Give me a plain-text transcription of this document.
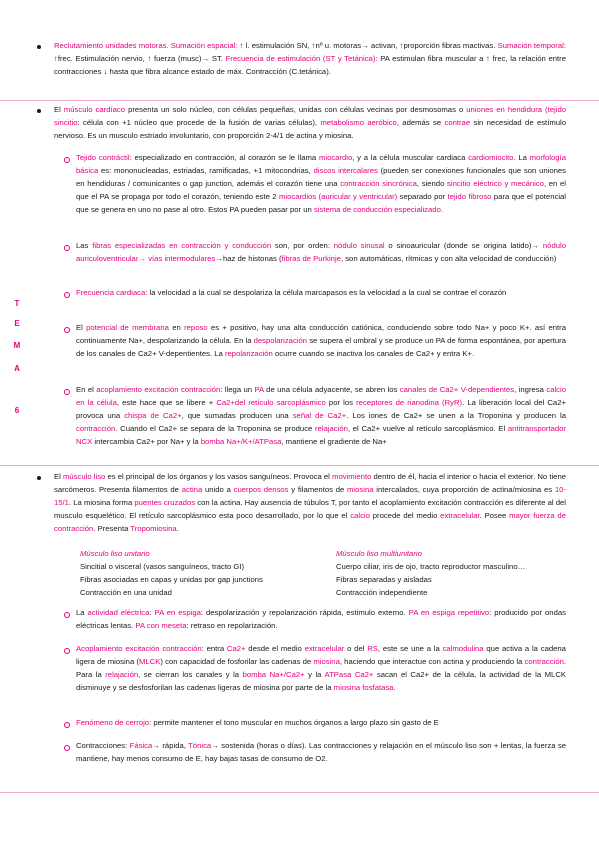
T
E
M
A
6
Reclutamiento unidades motoras. Sumación espacial: ↑ l. estimulación SN, ↑nº u. motoras→ activan, ↑proporción fibras mactivas. Sumación temporal: ↑frec. Estimulación nervio, ↑ fuerza (musc)→ ST. Frecuencia de estimulación (ST y Tetánica): PA estimulan fibra muscular a ↑ frec, la relación entre contracciones ↓ hasta que fibra alcance estado de máx. Contracción (C.tetánica).
El músculo cardíaco presenta un solo núcleo, con células pequeñas, unidas con células vecinas por desmosomas o uniones en hendidura (tejido sincitio: célula con +1 núcleo que procede de la fusión de varias células), metabolismo aeróbico, además se contrae sin necesidad de estímulo nervioso. Es un musculo estriado involuntario, con proporción 2-4/1 de actina y miosina.
Tejido contráctil: especializado en contracción, al corazón se le llama miocardio, y a la célula muscular cardiaca cardiomiocito. La morfología básica es: mononucleadas, estriadas, ramificadas, +1 mitocondrias, discos intercalares (pueden ser conexiones funcionales que son uniones en hendiduras / comunicantes o gap junction, además el corazón tiene una contracción sincrónica, siendo sincitio eléctrico y mecánico, en el que el PA se propaga por todo el corazón, teniendo este 2 miocardios (auricular y ventricular) separado por tejido fibroso para que el potencial que se genera en uno no pase al otro. Estos PA pueden pasar por un sistema de conducción especializado.
Las fibras especializadas en contracción y conducción son, por orden: nódulo sinusal o sinoauricular (donde se origina latido)→ nódulo auriculoventricular→ vías intermodulares→haz de histonas (fibras de Purkinje, son automáticas, rítmicas y con alta velocidad de conducción)
Frecuencia cardiaca: la velocidad a la cual se despolariza la célula marcapasos es la velocidad a la cual se contrae el corazón
El potencial de membrana en reposo es + positivo, hay una alta conducción catiónica, conduciendo sobre todo Na+ y poco K+. así entra continuamente Na+, despolarizando la célula. En la despolarización se supera el umbral y se produce un PA de forma espontánea, por apertura de los canales de Ca2+ V-depentientes. La repolarización ocurre cuando se inactiva los canales de Ca2+ y entra K+.
En el acoplamiento excitación contracción: llega un PA de una célula adyacente, se abren los canales de Ca2+ V-dependientes, ingresa calcio en la célula, este hace que se libere + Ca2+del retículo sarcoplásmico por los receptores de rianodina (RyR). La liberación local del Ca2+ provoca una chispa de Ca2+, que sumadas producen una señal de Ca2+. Los iones de Ca2+ se unen a la Troponina y producen la contracción. Cuando el Ca2+ se separa de la Troponina se produce relajación, el Ca2+ vuelve al retículo sarcoplásmico. El antitransportador NCX intercambia Ca2+ por Na+ y la bomba Na+/K+/ATPasa, mantiene el gradiente de Na+
El músculo liso es el principal de los órganos y los vasos sanguíneos. Provoca el movimiento dentro de él, hacia el interior o hacia el exterior. No tiene sarcómeros. Presenta filamentos de actina unido a cuerpos densos y filamentos de miosina intercalados, cuya proporción de actina/miosina es 10-15/1. La miosina forma puentes cruzados con la actina. Hay ausencia de túbulos T, por tanto el acoplamiento excitación contracción es diferente al del musculo esquelético. El retículo sarcoplásmico esta poco desarrollado, por lo que el calcio procede del medio extracelular. Posee mayor fuerza de contracción. Presenta Tropomiosina.
Músculo liso unitario
Sincitial o visceral (vasos sanguíneos, tracto GI)
Fibras asociadas en capas y unidas por gap junctions
Contracción en una unidad
Músculo liso multiunitario
Cuerpo ciliar, iris de ojo, tracto reproductor masculino…
Fibras separadas y aisladas
Contracción independiente
La actividad eléctrica: PA en espiga: despolarización y repolarización rápida, estimulo externo. PA en espiga repetitivo: producido por ondas eléctricas lentas. PA con meseta: retraso en repolarización.
Acoplamiento excitación contracción: entra Ca2+ desde el medio extracelular o del RS, este se une a la calmodulina que activa a la cadena ligera de miosina (MLCK) con capacidad de fosforilar las cadenas de miosina, haciendo que interactue con actina y produciendo la contracción. Para la relajación, se cierran los canales y la bomba Na+/Ca2+ y la ATPasa Ca2+ sacan el Ca2+ de la célula, la actividad de la MLCK disminuye y se desfosforilan las cadenas ligeras de miosina por parte de la miosina fosfatasa.
Fenómeno de cerrojo: permite mantener el tono muscular en muchos órganos a largo plazo sin gasto de E
Contracciones: Fásica→ rápida, Tónica→ sostenida (horas o días). Las contracciones y relajación en el músculo liso son + lentas, la fuerza se mantiene, hay menos consumo de E, hay bajas tasas de consumo de O2.
